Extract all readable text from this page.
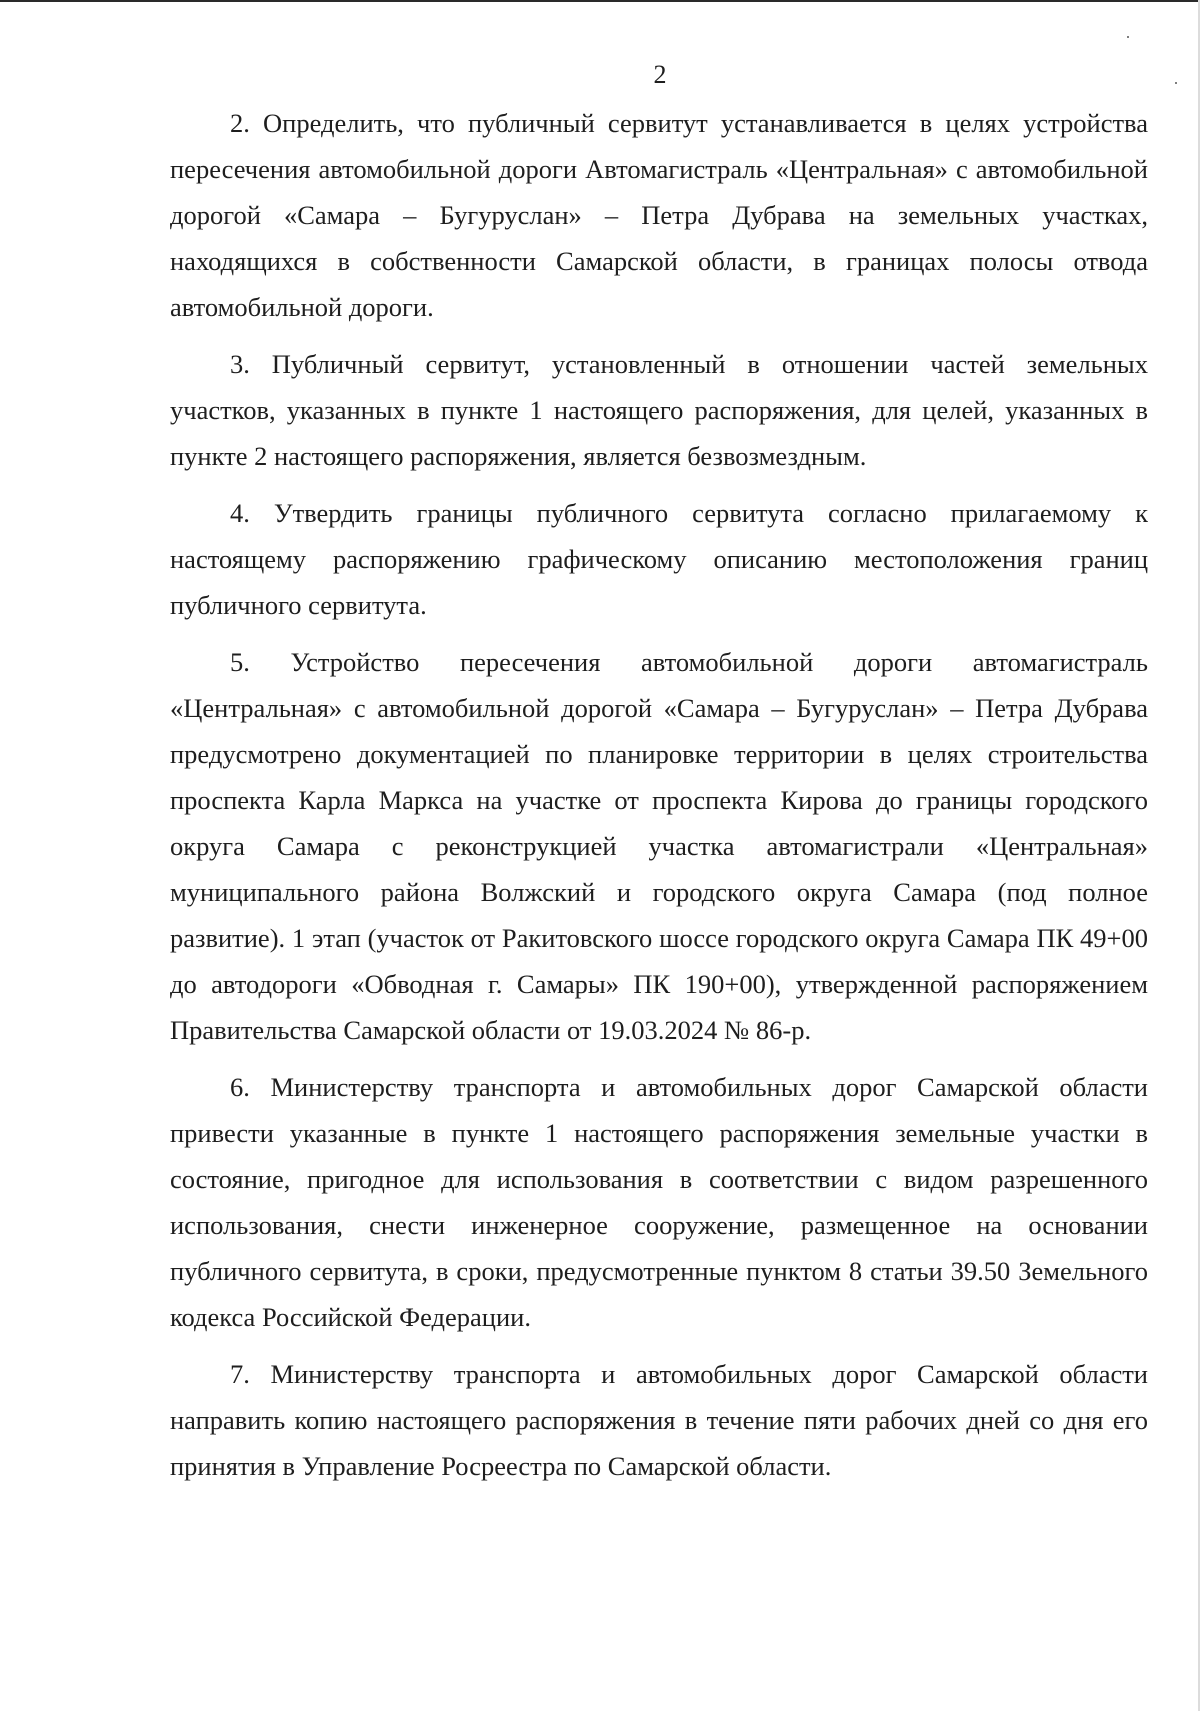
2

2. Определить, что публичный сервитут устанавливается в целях устройства пересечения автомобильной дороги Автомагистраль «Центральная» с автомобильной дорогой «Самара – Бугуруслан» – Петра Дубрава на земельных участках, находящихся в собственности Самарской области, в границах полосы отвода автомобильной дороги.

3. Публичный сервитут, установленный в отношении частей земельных участков, указанных в пункте 1 настоящего распоряжения, для целей, указанных в пункте 2 настоящего распоряжения, является безвозмездным.

4. Утвердить границы публичного сервитута согласно прилагаемому к настоящему распоряжению графическому описанию местоположения границ публичного сервитута.

5. Устройство пересечения автомобильной дороги автомагистраль «Центральная» с автомобильной дорогой «Самара – Бугуруслан» – Петра Дубрава предусмотрено документацией по планировке территории в целях строительства проспекта Карла Маркса на участке от проспекта Кирова до границы городского округа Самара с реконструкцией участка автомагистрали «Центральная» муниципального района Волжский и городского округа Самара (под полное развитие). 1 этап (участок от Ракитовского шоссе городского округа Самара ПК 49+00 до автодороги «Обводная г. Самары» ПК 190+00), утвержденной распоряжением Правительства Самарской области от 19.03.2024 № 86-р.

6. Министерству транспорта и автомобильных дорог Самарской области привести указанные в пункте 1 настоящего распоряжения земельные участки в состояние, пригодное для использования в соответствии с видом разрешенного использования, снести инженерное сооружение, размещенное на основании публичного сервитута, в сроки, предусмотренные пунктом 8 статьи 39.50 Земельного кодекса Российской Федерации.

7. Министерству транспорта и автомобильных дорог Самарской области направить копию настоящего распоряжения в течение пяти рабочих дней со дня его принятия в Управление Росреестра по Самарской области.
